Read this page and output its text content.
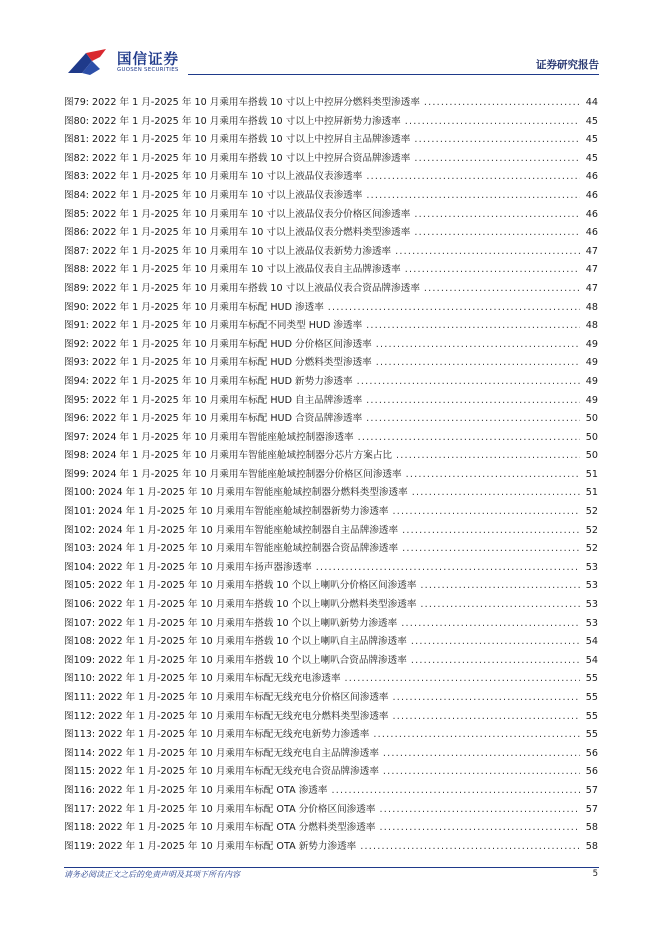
国信证券
GUOSEN SECURITIES	证券研究报告
图79: 2022 年 1 月-2025 年 10 月乘用车搭载 10 寸以上中控屏分燃料类型渗透率 .....	44
图80: 2022 年 1 月-2025 年 10 月乘用车搭载 10 寸以上中控屏新势力渗透率 .....	45
图81: 2022 年 1 月-2025 年 10 月乘用车搭载 10 寸以上中控屏自主品牌渗透率 .....	45
图82: 2022 年 1 月-2025 年 10 月乘用车搭载 10 寸以上中控屏合资品牌渗透率 .....	45
图83: 2022 年 1 月-2025 年 10 月乘用车 10 寸以上液晶仪表渗透率 .....	46
图84: 2022 年 1 月-2025 年 10 月乘用车 10 寸以上液晶仪表渗透率 .....	46
图85: 2022 年 1 月-2025 年 10 月乘用车 10 寸以上液晶仪表分价格区间渗透率 .....	46
图86: 2022 年 1 月-2025 年 10 月乘用车 10 寸以上液晶仪表分燃料类型渗透率 .....	46
图87: 2022 年 1 月-2025 年 10 月乘用车 10 寸以上液晶仪表新势力渗透率 .....	47
图88: 2022 年 1 月-2025 年 10 月乘用车 10 寸以上液晶仪表自主品牌渗透率 .....	47
图89: 2022 年 1 月-2025 年 10 月乘用车搭载 10 寸以上液晶仪表合资品牌渗透率 .....	47
图90: 2022 年 1 月-2025 年 10 月乘用车标配 HUD 渗透率 .....	48
图91: 2022 年 1 月-2025 年 10 月乘用车标配不同类型 HUD 渗透率 .....	48
图92: 2022 年 1 月-2025 年 10 月乘用车标配 HUD 分价格区间渗透率 .....	49
图93: 2022 年 1 月-2025 年 10 月乘用车标配 HUD 分燃料类型渗透率 .....	49
图94: 2022 年 1 月-2025 年 10 月乘用车标配 HUD 新势力渗透率 .....	49
图95: 2022 年 1 月-2025 年 10 月乘用车标配 HUD 自主品牌渗透率 .....	49
图96: 2022 年 1 月-2025 年 10 月乘用车标配 HUD 合资品牌渗透率 .....	50
图97: 2024 年 1 月-2025 年 10 月乘用车智能座舱域控制器渗透率 .....	50
图98: 2024 年 1 月-2025 年 10 月乘用车智能座舱域控制器分芯片方案占比 .....	50
图99: 2024 年 1 月-2025 年 10 月乘用车智能座舱域控制器分价格区间渗透率 .....	51
图100: 2024 年 1 月-2025 年 10 月乘用车智能座舱域控制器分燃料类型渗透率 .....	51
图101: 2024 年 1 月-2025 年 10 月乘用车智能座舱域控制器新势力渗透率 .....	52
图102: 2024 年 1 月-2025 年 10 月乘用车智能座舱域控制器自主品牌渗透率 .....	52
图103: 2024 年 1 月-2025 年 10 月乘用车智能座舱域控制器合资品牌渗透率 .....	52
图104: 2022 年 1 月-2025 年 10 月乘用车扬声器渗透率 .....	53
图105: 2022 年 1 月-2025 年 10 月乘用车搭载 10 个以上喇叭分价格区间渗透率 .....	53
图106: 2022 年 1 月-2025 年 10 月乘用车搭载 10 个以上喇叭分燃料类型渗透率 .....	53
图107: 2022 年 1 月-2025 年 10 月乘用车搭载 10 个以上喇叭新势力渗透率 .....	53
图108: 2022 年 1 月-2025 年 10 月乘用车搭载 10 个以上喇叭自主品牌渗透率 .....	54
图109: 2022 年 1 月-2025 年 10 月乘用车搭载 10 个以上喇叭合资品牌渗透率 .....	54
图110: 2022 年 1 月-2025 年 10 月乘用车标配无线充电渗透率 .....	55
图111: 2022 年 1 月-2025 年 10 月乘用车标配无线充电分价格区间渗透率 .....	55
图112: 2022 年 1 月-2025 年 10 月乘用车标配无线充电分燃料类型渗透率 .....	55
图113: 2022 年 1 月-2025 年 10 月乘用车标配无线充电新势力渗透率 .....	55
图114: 2022 年 1 月-2025 年 10 月乘用车标配无线充电自主品牌渗透率 .....	56
图115: 2022 年 1 月-2025 年 10 月乘用车标配无线充电合资品牌渗透率 .....	56
图116: 2022 年 1 月-2025 年 10 月乘用车标配 OTA 渗透率 .....	57
图117: 2022 年 1 月-2025 年 10 月乘用车标配 OTA 分价格区间渗透率 .....	57
图118: 2022 年 1 月-2025 年 10 月乘用车标配 OTA 分燃料类型渗透率 .....	58
图119: 2022 年 1 月-2025 年 10 月乘用车标配 OTA 新势力渗透率 .....	58
请务必阅读正文之后的免责声明及其项下所有内容	5
